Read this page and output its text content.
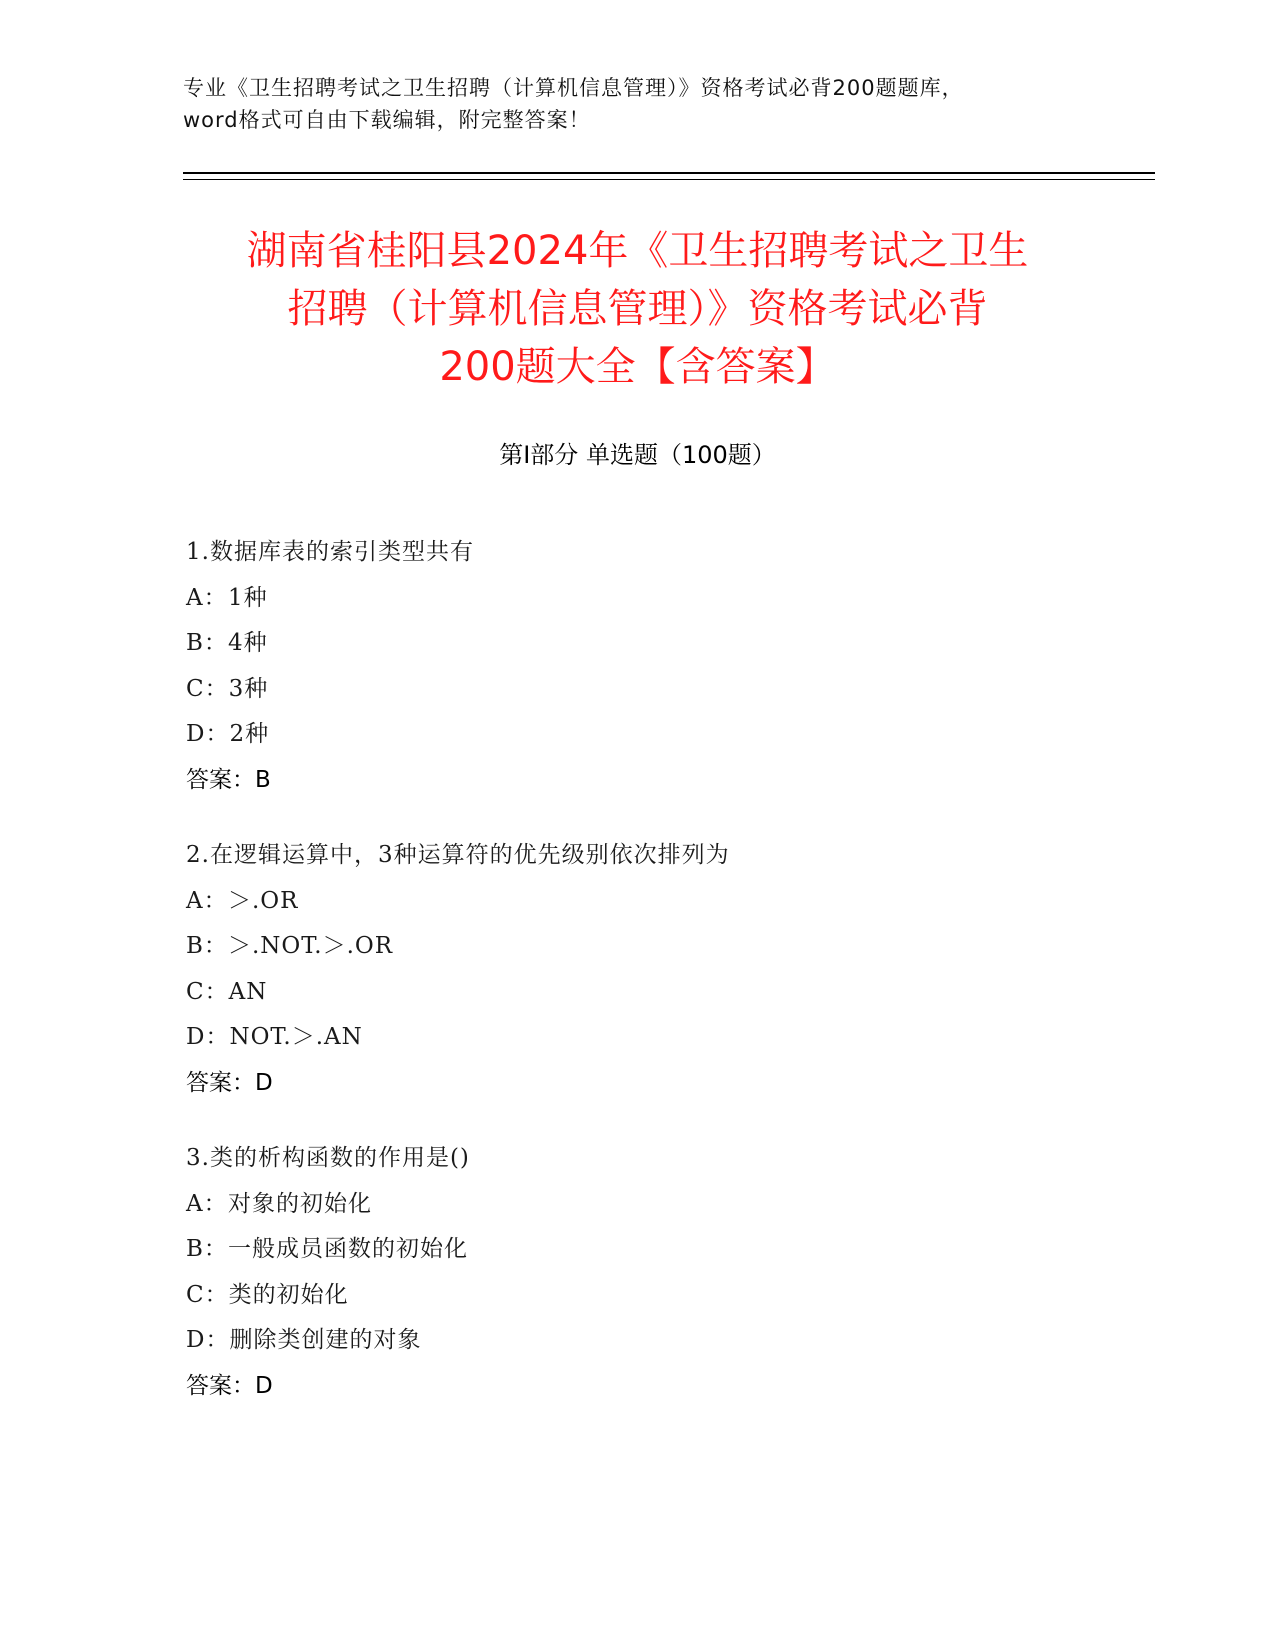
专业《卫生招聘考试之卫生招聘（计算机信息管理）》资格考试必背200题题库，
word格式可自由下载编辑，附完整答案！
湖南省桂阳县2024年《卫生招聘考试之卫生
招聘（计算机信息管理）》资格考试必背
200题大全【含答案】
第Ⅰ部分 单选题（100题）
1.数据库表的索引类型共有
A：1种
B：4种
C：3种
D：2种
答案：B
2.在逻辑运算中，3种运算符的优先级别依次排列为
A：＞.OR
B：＞.NOT.＞.OR
C：AN
D：NOT.＞.AN
答案：D
3.类的析构函数的作用是()
A：对象的初始化
B：一般成员函数的初始化
C：类的初始化
D：删除类创建的对象
答案：D
